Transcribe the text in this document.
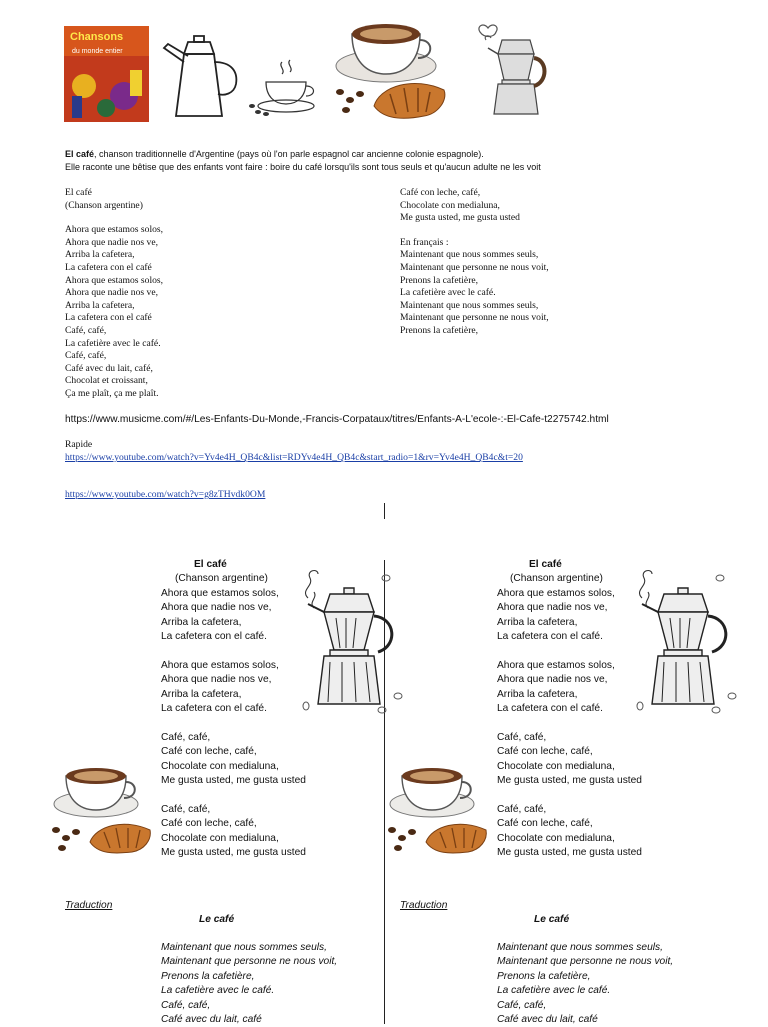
Chansons
du monde entier
El café, chanson traditionnelle d'Argentine (pays où l'on parle espagnol car ancienne colonie espagnole).
Elle raconte une bêtise que des enfants vont faire : boire du café lorsqu'ils sont tous seuls et qu'aucun adulte ne les voit
El café
(Chanson argentine)
Ahora que estamos solos,
Ahora que nadie nos ve,
Arriba la cafetera,
La cafetera con el café
Ahora que estamos solos,
Ahora que nadie nos ve,
Arriba la cafetera,
La cafetera con el café
Café, café,
La cafetière avec le café.
Café, café,
Café avec du lait, café,
Chocolat et croissant,
Ça me plaît, ça me plaît.
Café con leche, café,
Chocolate con medialuna,
Me gusta usted, me gusta usted
En français :
Maintenant que nous sommes seuls,
Maintenant que personne ne nous voit,
Prenons la cafetière,
La cafetière avec le café.
Maintenant que nous sommes seuls,
Maintenant que personne ne nous voit,
Prenons la cafetière,
https://www.musicme.com/#/Les-Enfants-Du-Monde,-Francis-Corpataux/titres/Enfants-A-L'ecole-:-El-Cafe-t2275742.html
Rapide
https://www.youtube.com/watch?v=Yv4e4H_QB4c&list=RDYv4e4H_QB4c&start_radio=1&rv=Yv4e4H_QB4c&t=20
https://www.youtube.com/watch?v=g8zTHvdk0OM
El café
(Chanson argentine)
Ahora que estamos solos,
Ahora que nadie nos ve,
Arriba la cafetera,
La cafetera con el café.
Ahora que estamos solos,
Ahora que nadie nos ve,
Arriba la cafetera,
La cafetera con el café.
Café, café,
Café con leche, café,
Chocolate con medialuna,
Me gusta usted, me gusta usted
Café, café,
Café con leche, café,
Chocolate con medialuna,
Me gusta usted, me gusta usted
Traduction
Le café
Maintenant que nous sommes seuls,
Maintenant que personne ne nous voit,
Prenons la cafetière,
La cafetière avec le café.
Café, café,
Café avec du lait, café
El café
(Chanson argentine)
Ahora que estamos solos,
Ahora que nadie nos ve,
Arriba la cafetera,
La cafetera con el café.
Ahora que estamos solos,
Ahora que nadie nos ve,
Arriba la cafetera,
La cafetera con el café.
Café, café,
Café con leche, café,
Chocolate con medialuna,
Me gusta usted, me gusta usted
Café, café,
Café con leche, café,
Chocolate con medialuna,
Me gusta usted, me gusta usted
Traduction
Le café
Maintenant que nous sommes seuls,
Maintenant que personne ne nous voit,
Prenons la cafetière,
La cafetière avec le café.
Café, café,
Café avec du lait, café
